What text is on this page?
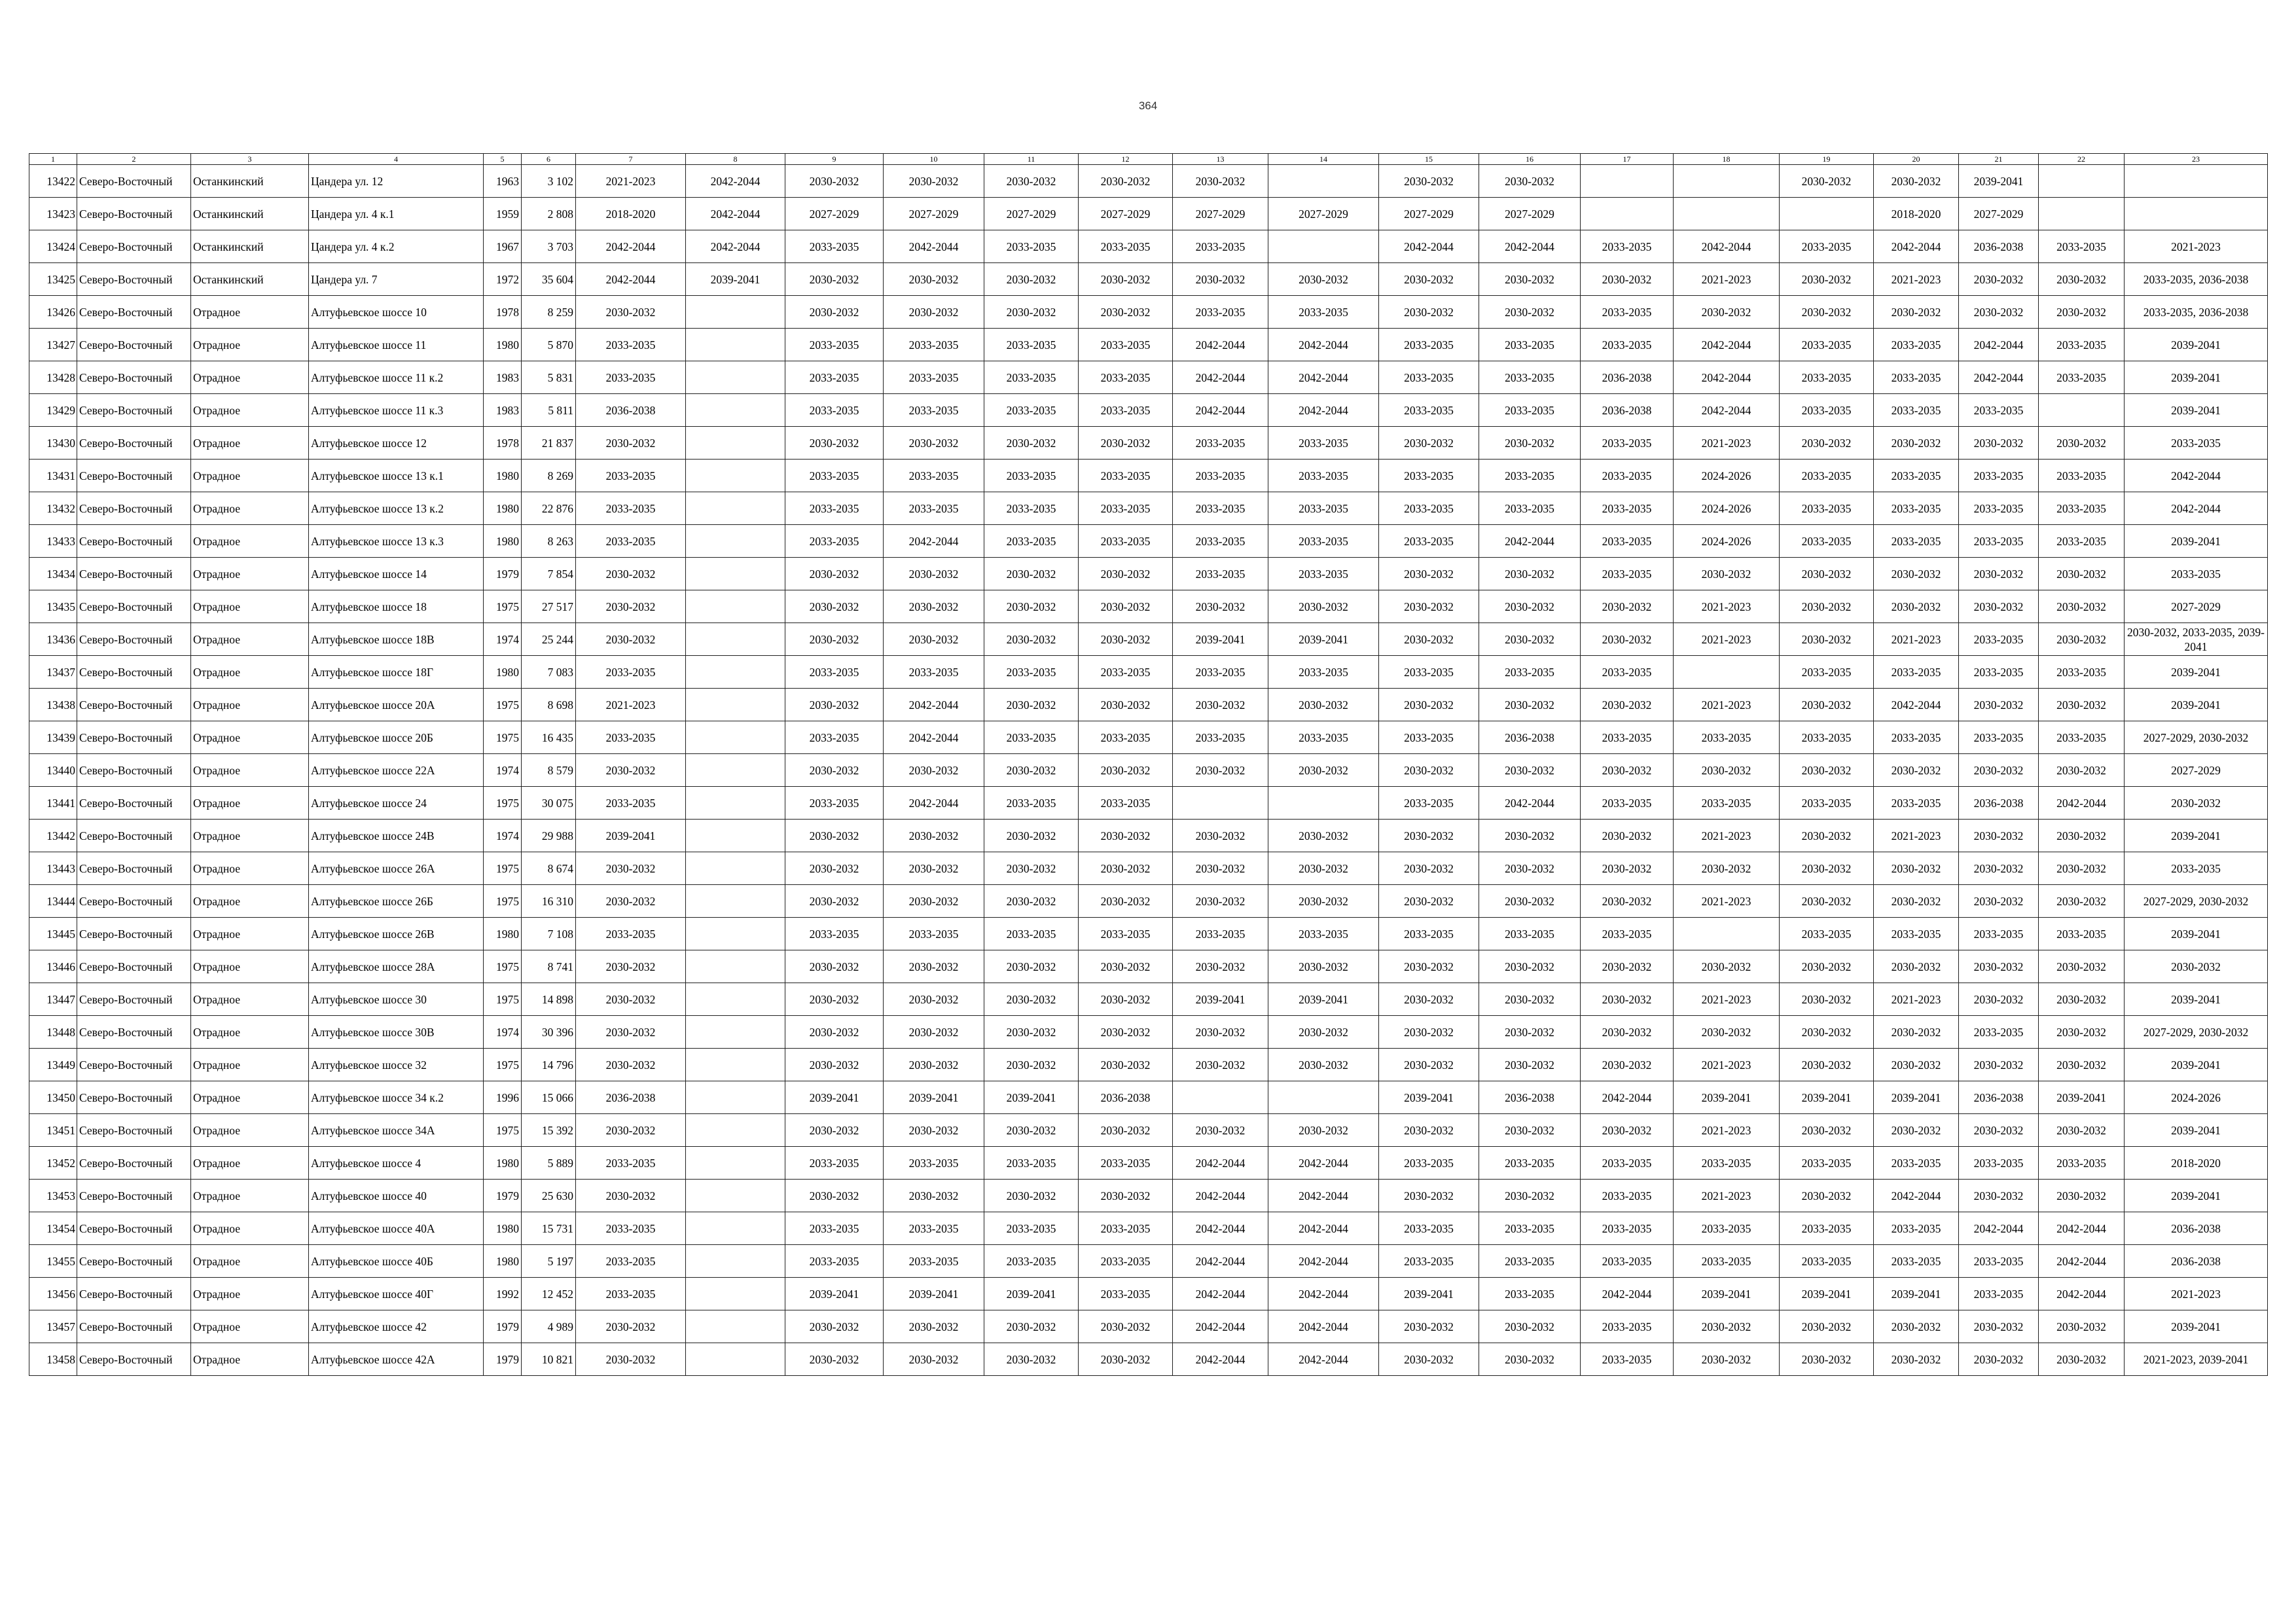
364
1	2	3	4	5	6	7	8	9	10	11	12	13	14	15	16	17	18	19	20	21	22	23
13422	Северо-Восточный	Останкинский	Цандера ул. 12	1963	3 102	2021-2023	2042-2044	2030-2032	2030-2032	2030-2032	2030-2032	2030-2032		2030-2032	2030-2032			2030-2032	2030-2032	2039-2041		
13423	Северо-Восточный	Останкинский	Цандера ул. 4 к.1	1959	2 808	2018-2020	2042-2044	2027-2029	2027-2029	2027-2029	2027-2029	2027-2029	2027-2029	2027-2029	2027-2029				2018-2020	2027-2029		
13424	Северо-Восточный	Останкинский	Цандера ул. 4 к.2	1967	3 703	2042-2044	2042-2044	2033-2035	2042-2044	2033-2035	2033-2035	2033-2035		2042-2044	2042-2044	2033-2035	2042-2044	2033-2035	2042-2044	2036-2038	2033-2035	2021-2023
13425	Северо-Восточный	Останкинский	Цандера ул. 7	1972	35 604	2042-2044	2039-2041	2030-2032	2030-2032	2030-2032	2030-2032	2030-2032	2030-2032	2030-2032	2030-2032	2030-2032	2021-2023	2030-2032	2021-2023	2030-2032	2030-2032	2033-2035, 2036-2038
13426	Северо-Восточный	Отрадное	Алтуфьевское шоссе 10	1978	8 259	2030-2032		2030-2032	2030-2032	2030-2032	2030-2032	2033-2035	2033-2035	2030-2032	2030-2032	2033-2035	2030-2032	2030-2032	2030-2032	2030-2032	2030-2032	2033-2035, 2036-2038
13427	Северо-Восточный	Отрадное	Алтуфьевское шоссе 11	1980	5 870	2033-2035		2033-2035	2033-2035	2033-2035	2033-2035	2042-2044	2042-2044	2033-2035	2033-2035	2033-2035	2042-2044	2033-2035	2033-2035	2042-2044	2033-2035	2039-2041
13428	Северо-Восточный	Отрадное	Алтуфьевское шоссе 11 к.2	1983	5 831	2033-2035		2033-2035	2033-2035	2033-2035	2033-2035	2042-2044	2042-2044	2033-2035	2033-2035	2036-2038	2042-2044	2033-2035	2033-2035	2042-2044	2033-2035	2039-2041
13429	Северо-Восточный	Отрадное	Алтуфьевское шоссе 11 к.3	1983	5 811	2036-2038		2033-2035	2033-2035	2033-2035	2033-2035	2042-2044	2042-2044	2033-2035	2033-2035	2036-2038	2042-2044	2033-2035	2033-2035	2033-2035		2039-2041
13430	Северо-Восточный	Отрадное	Алтуфьевское шоссе 12	1978	21 837	2030-2032		2030-2032	2030-2032	2030-2032	2030-2032	2033-2035	2033-2035	2030-2032	2030-2032	2033-2035	2021-2023	2030-2032	2030-2032	2030-2032	2030-2032	2033-2035
13431	Северо-Восточный	Отрадное	Алтуфьевское шоссе 13 к.1	1980	8 269	2033-2035		2033-2035	2033-2035	2033-2035	2033-2035	2033-2035	2033-2035	2033-2035	2033-2035	2033-2035	2024-2026	2033-2035	2033-2035	2033-2035	2033-2035	2042-2044
13432	Северо-Восточный	Отрадное	Алтуфьевское шоссе 13 к.2	1980	22 876	2033-2035		2033-2035	2033-2035	2033-2035	2033-2035	2033-2035	2033-2035	2033-2035	2033-2035	2033-2035	2024-2026	2033-2035	2033-2035	2033-2035	2033-2035	2042-2044
13433	Северо-Восточный	Отрадное	Алтуфьевское шоссе 13 к.3	1980	8 263	2033-2035		2033-2035	2042-2044	2033-2035	2033-2035	2033-2035	2033-2035	2033-2035	2042-2044	2033-2035	2024-2026	2033-2035	2033-2035	2033-2035	2033-2035	2039-2041
13434	Северо-Восточный	Отрадное	Алтуфьевское шоссе 14	1979	7 854	2030-2032		2030-2032	2030-2032	2030-2032	2030-2032	2033-2035	2033-2035	2030-2032	2030-2032	2033-2035	2030-2032	2030-2032	2030-2032	2030-2032	2030-2032	2033-2035
13435	Северо-Восточный	Отрадное	Алтуфьевское шоссе 18	1975	27 517	2030-2032		2030-2032	2030-2032	2030-2032	2030-2032	2030-2032	2030-2032	2030-2032	2030-2032	2030-2032	2021-2023	2030-2032	2030-2032	2030-2032	2030-2032	2027-2029
13436	Северо-Восточный	Отрадное	Алтуфьевское шоссе 18В	1974	25 244	2030-2032		2030-2032	2030-2032	2030-2032	2030-2032	2039-2041	2039-2041	2030-2032	2030-2032	2030-2032	2021-2023	2030-2032	2021-2023	2033-2035	2030-2032	2030-2032, 2033-2035, 2039-2041
13437	Северо-Восточный	Отрадное	Алтуфьевское шоссе 18Г	1980	7 083	2033-2035		2033-2035	2033-2035	2033-2035	2033-2035	2033-2035	2033-2035	2033-2035	2033-2035	2033-2035		2033-2035	2033-2035	2033-2035	2033-2035	2039-2041
13438	Северо-Восточный	Отрадное	Алтуфьевское шоссе 20А	1975	8 698	2021-2023		2030-2032	2042-2044	2030-2032	2030-2032	2030-2032	2030-2032	2030-2032	2030-2032	2030-2032	2021-2023	2030-2032	2042-2044	2030-2032	2030-2032	2039-2041
13439	Северо-Восточный	Отрадное	Алтуфьевское шоссе 20Б	1975	16 435	2033-2035		2033-2035	2042-2044	2033-2035	2033-2035	2033-2035	2033-2035	2033-2035	2036-2038	2033-2035	2033-2035	2033-2035	2033-2035	2033-2035	2033-2035	2027-2029, 2030-2032
13440	Северо-Восточный	Отрадное	Алтуфьевское шоссе 22А	1974	8 579	2030-2032		2030-2032	2030-2032	2030-2032	2030-2032	2030-2032	2030-2032	2030-2032	2030-2032	2030-2032	2030-2032	2030-2032	2030-2032	2030-2032	2030-2032	2027-2029
13441	Северо-Восточный	Отрадное	Алтуфьевское шоссе 24	1975	30 075	2033-2035		2033-2035	2042-2044	2033-2035	2033-2035			2033-2035	2042-2044	2033-2035	2033-2035	2033-2035	2033-2035	2036-2038	2042-2044	2030-2032
13442	Северо-Восточный	Отрадное	Алтуфьевское шоссе 24В	1974	29 988	2039-2041		2030-2032	2030-2032	2030-2032	2030-2032	2030-2032	2030-2032	2030-2032	2030-2032	2030-2032	2021-2023	2030-2032	2021-2023	2030-2032	2030-2032	2039-2041
13443	Северо-Восточный	Отрадное	Алтуфьевское шоссе 26А	1975	8 674	2030-2032		2030-2032	2030-2032	2030-2032	2030-2032	2030-2032	2030-2032	2030-2032	2030-2032	2030-2032	2030-2032	2030-2032	2030-2032	2030-2032	2030-2032	2033-2035
13444	Северо-Восточный	Отрадное	Алтуфьевское шоссе 26Б	1975	16 310	2030-2032		2030-2032	2030-2032	2030-2032	2030-2032	2030-2032	2030-2032	2030-2032	2030-2032	2030-2032	2021-2023	2030-2032	2030-2032	2030-2032	2030-2032	2027-2029, 2030-2032
13445	Северо-Восточный	Отрадное	Алтуфьевское шоссе 26В	1980	7 108	2033-2035		2033-2035	2033-2035	2033-2035	2033-2035	2033-2035	2033-2035	2033-2035	2033-2035	2033-2035		2033-2035	2033-2035	2033-2035	2033-2035	2039-2041
13446	Северо-Восточный	Отрадное	Алтуфьевское шоссе 28А	1975	8 741	2030-2032		2030-2032	2030-2032	2030-2032	2030-2032	2030-2032	2030-2032	2030-2032	2030-2032	2030-2032	2030-2032	2030-2032	2030-2032	2030-2032	2030-2032	2030-2032
13447	Северо-Восточный	Отрадное	Алтуфьевское шоссе 30	1975	14 898	2030-2032		2030-2032	2030-2032	2030-2032	2030-2032	2039-2041	2039-2041	2030-2032	2030-2032	2030-2032	2021-2023	2030-2032	2021-2023	2030-2032	2030-2032	2039-2041
13448	Северо-Восточный	Отрадное	Алтуфьевское шоссе 30В	1974	30 396	2030-2032		2030-2032	2030-2032	2030-2032	2030-2032	2030-2032	2030-2032	2030-2032	2030-2032	2030-2032	2030-2032	2030-2032	2030-2032	2033-2035	2030-2032	2027-2029, 2030-2032
13449	Северо-Восточный	Отрадное	Алтуфьевское шоссе 32	1975	14 796	2030-2032		2030-2032	2030-2032	2030-2032	2030-2032	2030-2032	2030-2032	2030-2032	2030-2032	2030-2032	2021-2023	2030-2032	2030-2032	2030-2032	2030-2032	2039-2041
13450	Северо-Восточный	Отрадное	Алтуфьевское шоссе 34 к.2	1996	15 066	2036-2038		2039-2041	2039-2041	2039-2041	2036-2038			2039-2041	2036-2038	2042-2044	2039-2041	2039-2041	2039-2041	2036-2038	2039-2041	2024-2026
13451	Северо-Восточный	Отрадное	Алтуфьевское шоссе 34А	1975	15 392	2030-2032		2030-2032	2030-2032	2030-2032	2030-2032	2030-2032	2030-2032	2030-2032	2030-2032	2030-2032	2021-2023	2030-2032	2030-2032	2030-2032	2030-2032	2039-2041
13452	Северо-Восточный	Отрадное	Алтуфьевское шоссе 4	1980	5 889	2033-2035		2033-2035	2033-2035	2033-2035	2033-2035	2042-2044	2042-2044	2033-2035	2033-2035	2033-2035	2033-2035	2033-2035	2033-2035	2033-2035	2033-2035	2018-2020
13453	Северо-Восточный	Отрадное	Алтуфьевское шоссе 40	1979	25 630	2030-2032		2030-2032	2030-2032	2030-2032	2030-2032	2042-2044	2042-2044	2030-2032	2030-2032	2033-2035	2021-2023	2030-2032	2042-2044	2030-2032	2030-2032	2039-2041
13454	Северо-Восточный	Отрадное	Алтуфьевское шоссе 40А	1980	15 731	2033-2035		2033-2035	2033-2035	2033-2035	2033-2035	2042-2044	2042-2044	2033-2035	2033-2035	2033-2035	2033-2035	2033-2035	2033-2035	2042-2044	2042-2044	2036-2038
13455	Северо-Восточный	Отрадное	Алтуфьевское шоссе 40Б	1980	5 197	2033-2035		2033-2035	2033-2035	2033-2035	2033-2035	2042-2044	2042-2044	2033-2035	2033-2035	2033-2035	2033-2035	2033-2035	2033-2035	2033-2035	2042-2044	2036-2038
13456	Северо-Восточный	Отрадное	Алтуфьевское шоссе 40Г	1992	12 452	2033-2035		2039-2041	2039-2041	2039-2041	2033-2035	2042-2044	2042-2044	2039-2041	2033-2035	2042-2044	2039-2041	2039-2041	2039-2041	2033-2035	2042-2044	2021-2023
13457	Северо-Восточный	Отрадное	Алтуфьевское шоссе 42	1979	4 989	2030-2032		2030-2032	2030-2032	2030-2032	2030-2032	2042-2044	2042-2044	2030-2032	2030-2032	2033-2035	2030-2032	2030-2032	2030-2032	2030-2032	2030-2032	2039-2041
13458	Северо-Восточный	Отрадное	Алтуфьевское шоссе 42А	1979	10 821	2030-2032		2030-2032	2030-2032	2030-2032	2030-2032	2042-2044	2042-2044	2030-2032	2030-2032	2033-2035	2030-2032	2030-2032	2030-2032	2030-2032	2030-2032	2021-2023, 2039-2041
